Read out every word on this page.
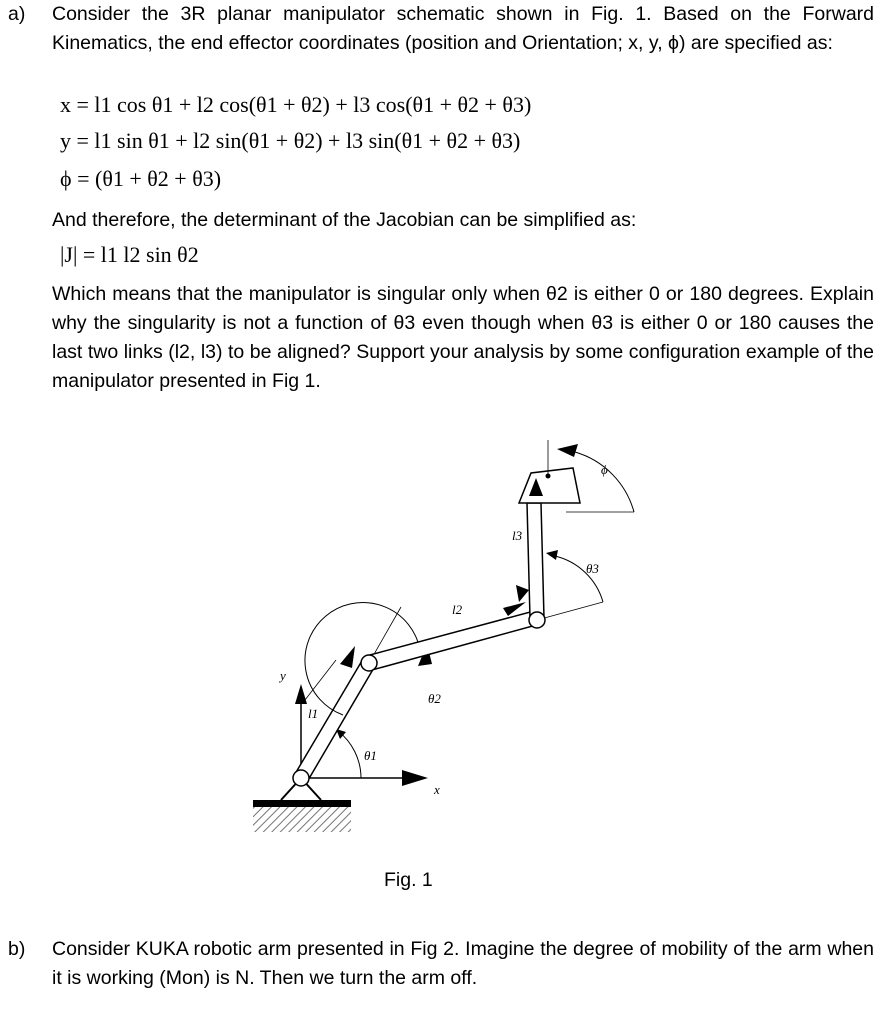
a) Consider the 3R planar manipulator schematic shown in Fig. 1. Based on the Forward Kinematics, the end effector coordinates (position and Orientation; x, y, ϕ) are specified as:
x = l1 cos θ1 + l2 cos(θ1 + θ2) + l3 cos(θ1 + θ2 + θ3)
y = l1 sin θ1 + l2 sin(θ1 + θ2) + l3 sin(θ1 + θ2 + θ3)
ϕ = (θ1 + θ2 + θ3)
And therefore, the determinant of the Jacobian can be simplified as:
|J| = l1 l2 sin θ2
Which means that the manipulator is singular only when θ2 is either 0 or 180 degrees. Explain why the singularity is not a function of θ3 even though when θ3 is either 0 or 180 causes the last two links (l2, l3) to be aligned? Support your analysis by some configuration example of the manipulator presented in Fig 1.
y
x
l1
l2
l3
θ1
θ2
θ3
ϕ
Fig. 1
b) Consider KUKA robotic arm presented in Fig 2. Imagine the degree of mobility of the arm when it is working (Mon) is N. Then we turn the arm off.
